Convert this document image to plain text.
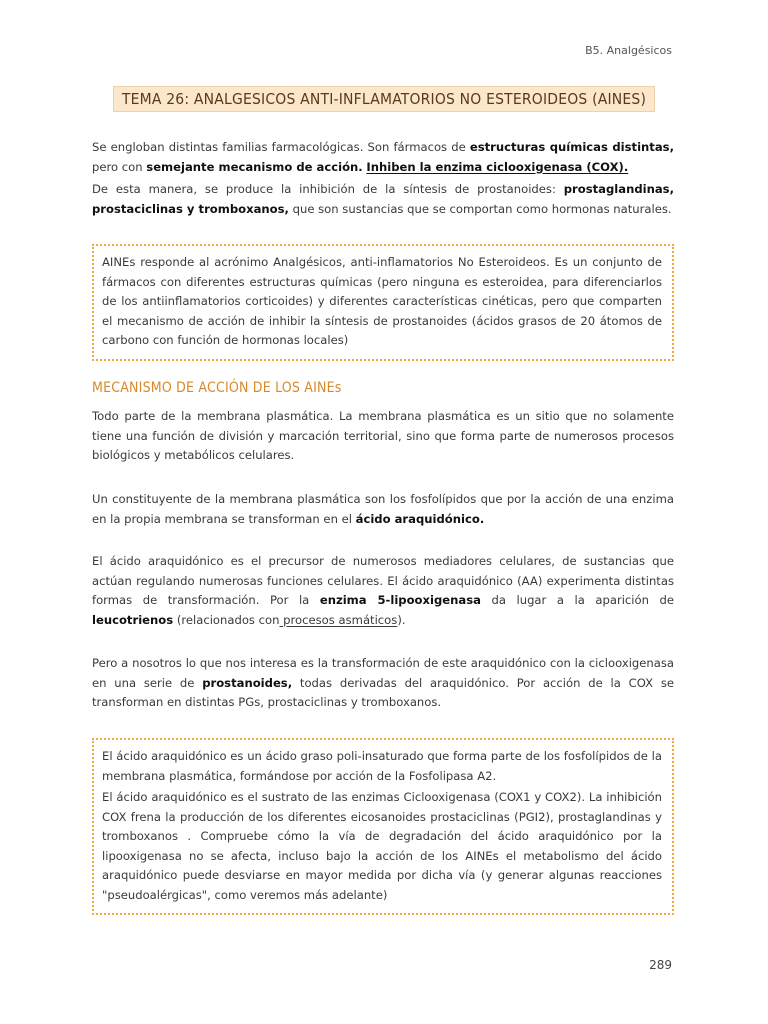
B5. Analgésicos
TEMA 26: ANALGESICOS ANTI-INFLAMATORIOS NO ESTEROIDEOS (AINES)

Se engloban distintas familias farmacológicas. Son fármacos de estructuras químicas distintas, pero con semejante mecanismo de acción. Inhiben la enzima ciclooxigenasa (COX).

De esta manera, se produce la inhibición de la síntesis de prostanoides: prostaglandinas, prostaciclinas y tromboxanos, que son sustancias que se comportan como hormonas naturales.

AINEs responde al acrónimo Analgésicos, anti-inflamatorios No Esteroideos. Es un conjunto de fármacos con diferentes estructuras químicas (pero ninguna es esteroidea, para diferenciarlos de los antiinflamatorios corticoides) y diferentes características cinéticas, pero que comparten el mecanismo de acción de inhibir la síntesis de prostanoides (ácidos grasos de 20 átomos de carbono con función de hormonas locales)

MECANISMO DE ACCIÓN DE LOS AINEs

Todo parte de la membrana plasmática. La membrana plasmática es un sitio que no solamente tiene una función de división y marcación territorial, sino que forma parte de numerosos procesos biológicos y metabólicos celulares.

Un constituyente de la membrana plasmática son los fosfolípidos que por la acción de una enzima en la propia membrana se transforman en el ácido araquidónico.

El ácido araquidónico es el precursor de numerosos mediadores celulares, de sustancias que actúan regulando numerosas funciones celulares. El ácido araquidónico (AA) experimenta distintas formas de transformación. Por la enzima 5-lipooxigenasa da lugar a la aparición de leucotrienos (relacionados con procesos asmáticos).

Pero a nosotros lo que nos interesa es la transformación de este araquidónico con la ciclooxigenasa en una serie de prostanoides, todas derivadas del araquidónico. Por acción de la COX se transforman en distintas PGs, prostaciclinas y tromboxanos.

El ácido araquidónico es un ácido graso poli-insaturado que forma parte de los fosfolípidos de la membrana plasmática, formándose por acción de la Fosfolipasa A2.

El ácido araquidónico es el sustrato de las enzimas Ciclooxigenasa (COX1 y COX2). La inhibición COX frena la producción de los diferentes eicosanoides prostaciclinas (PGI2), prostaglandinas y tromboxanos . Compruebe cómo la vía de degradación del ácido araquidónico por la lipooxigenasa no se afecta, incluso bajo la acción de los AINEs el metabolismo del ácido araquidónico puede desviarse en mayor medida por dicha vía (y generar algunas reacciones "pseudoalérgicas", como veremos más adelante)

289
